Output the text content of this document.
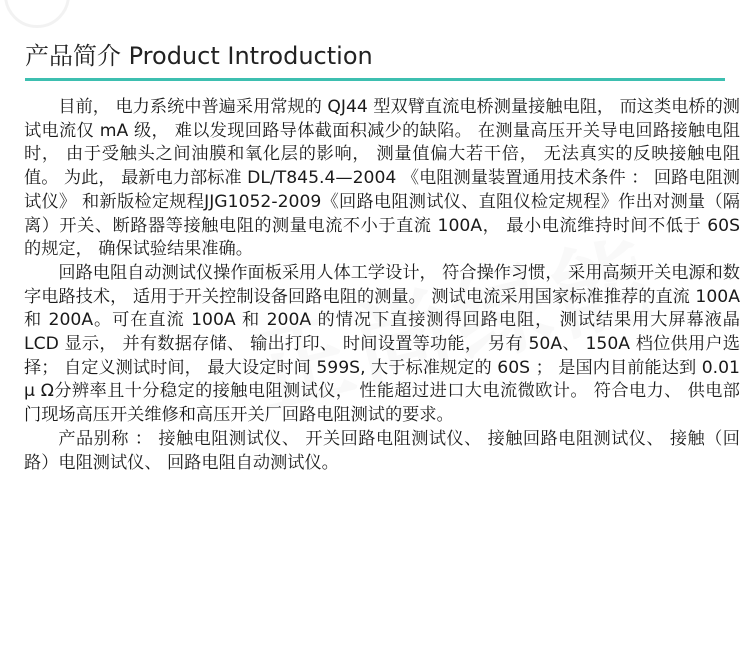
产品简介 Product Introduction

目前， 电力系统中普遍采用常规的 QJ44 型双臂直流电桥测量接触电阻， 而这类电桥的测试电流仅 mA 级， 难以发现回路导体截面积减少的缺陷。 在测量高压开关导电回路接触电阻时， 由于受触头之间油膜和氧化层的影响， 测量值偏大若干倍， 无法真实的反映接触电阻值。 为此， 最新电力部标准 DL/T845.4—2004 《电阻测量装置通用技术条件 ： 回路电阻测试仪》 和新版检定规程JJG1052-2009《回路电阻测试仪、直阻仪检定规程》作出对测量（隔离）开关、断路器等接触电阻的测量电流不小于直流 100A， 最小电流维持时间不低于 60S 的规定， 确保试验结果准确。

回路电阻自动测试仪操作面板采用人体工学设计， 符合操作习惯， 采用高频开关电源和数字电路技术， 适用于开关控制设备回路电阻的测量。 测试电流采用国家标准推荐的直流 100A 和 200A。可在直流 100A 和 200A 的情况下直接测得回路电阻， 测试结果用大屏幕液晶 LCD 显示， 并有数据存储、 输出打印、 时间设置等功能， 另有 50A、 150A 档位供用户选择； 自定义测试时间， 最大设定时间 599S, 大于标准规定的 60S ； 是国内目前能达到 0.01 μ Ω分辨率且十分稳定的接触电阻测试仪， 性能超过进口大电流微欧计。 符合电力、 供电部门现场高压开关维修和高压开关厂回路电阻测试的要求。

产品别称 ： 接触电阻测试仪、 开关回路电阻测试仪、 接触回路电阻测试仪、 接触（回路）电阻测试仪、 回路电阻自动测试仪。
